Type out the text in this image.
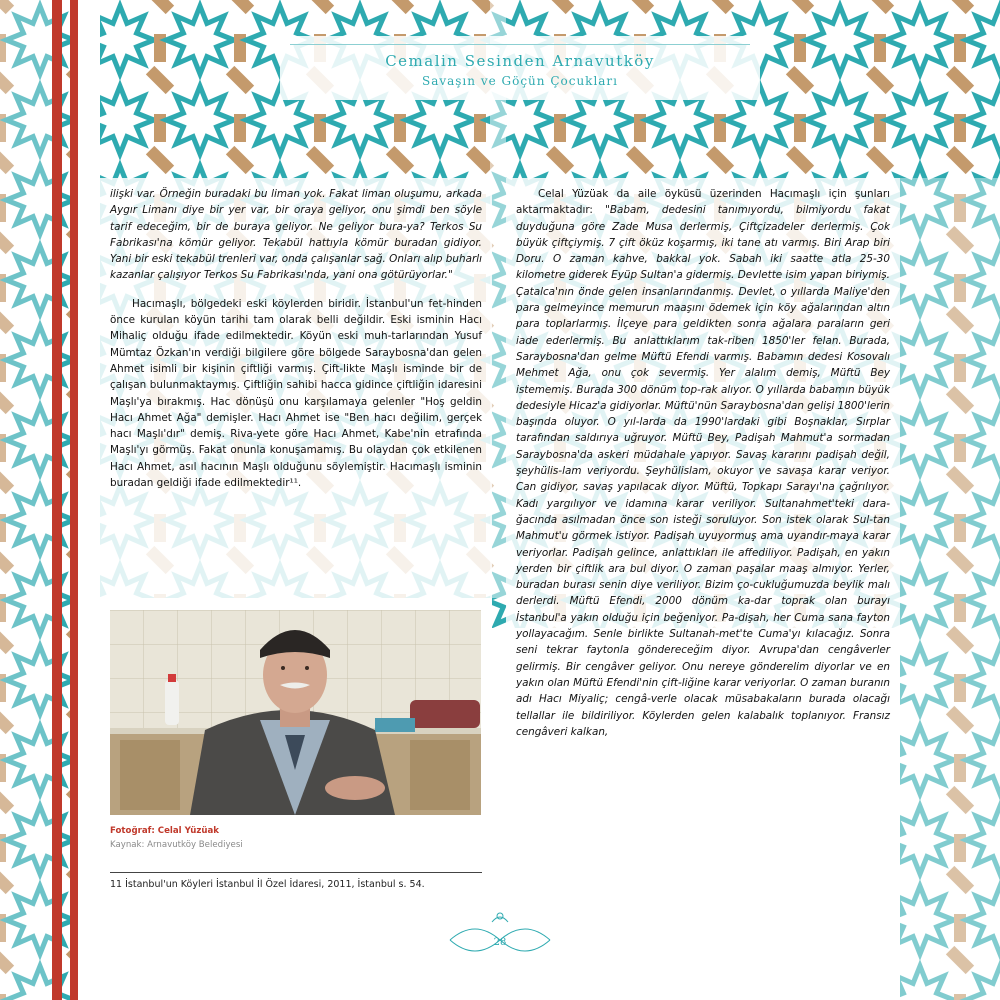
Cemalin Sesinden Arnavutköy
Savaşın ve Göçün Çocukları

ilişki var. Örneğin buradaki bu liman yok. Fakat liman oluşumu, arkada Aygır Limanı diye bir yer var, bir oraya geliyor, onu şimdi ben söyle tarif edeceğim, bir de buraya geliyor. Ne geliyor bura-ya? Terkos Su Fabrikası'na kömür geliyor. Tekabül hattıyla kömür buradan gidiyor. Yani bir eski tekabül trenleri var, onda çalışanlar sağ. Onları alıp buharlı kazanlar çalışıyor Terkos Su Fabrikası'nda, yani ona götürüyorlar."

Hacımaşlı, bölgedeki eski köylerden biridir. İstanbul'un fet-hinden önce kurulan köyün tarihi tam olarak belli değildir. Eski isminin Hacı Mihaliç olduğu ifade edilmektedir. Köyün eski muh-tarlarından Yusuf Mümtaz Özkan'ın verdiği bilgilere göre bölgede Saraybosna'dan gelen Ahmet isimli bir kişinin çiftliği varmış. Çift-likte Maşlı isminde bir de çalışan bulunmaktaymış. Çiftliğin sahibi hacca gidince çiftliğin idaresini Maşlı'ya bırakmış. Hac dönüşü onu karşılamaya gelenler "Hoş geldin Hacı Ahmet Ağa" demişler. Hacı Ahmet ise "Ben hacı değilim, gerçek hacı Maşlı'dır" demiş. Riva-yete göre Hacı Ahmet, Kabe'nin etrafında Maşlı'yı görmüş. Fakat onunla konuşamamış. Bu olaydan çok etkilenen Hacı Ahmet, asıl hacının Maşlı olduğunu söylemiştir. Hacımaşlı isminin buradan geldiği ifade edilmektedir¹¹.

Fotoğraf: Celal Yüzüak
Kaynak: Arnavutköy Belediyesi
11 İstanbul'un Köyleri İstanbul İl Özel İdaresi, 2011, İstanbul s. 54.

Celal Yüzüak da aile öyküsü üzerinden Hacımaşlı için şunları aktarmaktadır: "Babam, dedesini tanımıyordu, bilmiyordu fakat duyduğuna göre Zade Musa derlermiş, Çiftçizadeler derlermiş. Çok büyük çiftçiymiş. 7 çift öküz koşarmış, iki tane atı varmış. Biri Arap biri Doru. O zaman kahve, bakkal yok. Sabah iki saatte atla 25-30 kilometre giderek Eyüp Sultan'a gidermiş. Devlette isim yapan biriymiş. Çatalca'nın önde gelen insanlarındanmış. Devlet, o yıllarda Maliye'den para gelmeyince memurun maaşını ödemek için köy ağalarından altın para toplarlarmış. İlçeye para geldikten sonra ağalara paraların geri iade ederlermiş. Bu anlattıklarım tak-riben 1850'ler felan. Burada, Saraybosna'dan gelme Müftü Efendi varmış. Babamın dedesi Kosovalı Mehmet Ağa, onu çok severmiş. Yer alalım demiş, Müftü Bey istememiş. Burada 300 dönüm top-rak alıyor. O yıllarda babamın büyük dedesiyle Hicaz'a gidiyorlar. Müftü'nün Saraybosna'dan gelişi 1800'lerin başında oluyor. O yıl-larda da 1990'lardaki gibi Boşnaklar, Sırplar tarafından saldırıya uğruyor. Müftü Bey, Padişah Mahmut'a sormadan Saraybosna'da askeri müdahale yapıyor. Savaş kararını padişah değil, şeyhülis-lam veriyordu. Şeyhülislam, okuyor ve savaşa karar veriyor. Can gidiyor, savaş yapılacak diyor. Müftü, Topkapı Sarayı'na çağrılıyor. Kadı yargılıyor ve idamına karar veriliyor. Sultanahmet'teki dara-ğacında asılmadan önce son isteği soruluyor. Son istek olarak Sul-tan Mahmut'u görmek istiyor. Padişah uyuyormuş ama uyandır-maya karar veriyorlar. Padişah gelince, anlattıkları ile affediliyor. Padişah, en yakın yerden bir çiftlik ara bul diyor. O zaman paşalar maaş almıyor. Yerler, buradan burası senin diye veriliyor. Bizim ço-cukluğumuzda beylik malı derlerdi. Müftü Efendi, 2000 dönüm ka-dar toprak olan burayı İstanbul'a yakın olduğu için beğeniyor. Pa-dişah, her Cuma sana fayton yollayacağım. Senle birlikte Sultanah-met'te Cuma'yı kılacağız. Sonra seni tekrar faytonla göndereceğim diyor. Avrupa'dan cengâverler gelirmiş. Bir cengâver geliyor. Onu nereye gönderelim diyorlar ve en yakın olan Müftü Efendi'nin çift-liğine karar veriyorlar. O zaman buranın adı Hacı Miyaliç; cengâ-verle olacak müsabakaların burada olacağı tellallar ile bildiriliyor. Köylerden gelen kalabalık toplanıyor. Fransız cengâveri kalkan,

28
